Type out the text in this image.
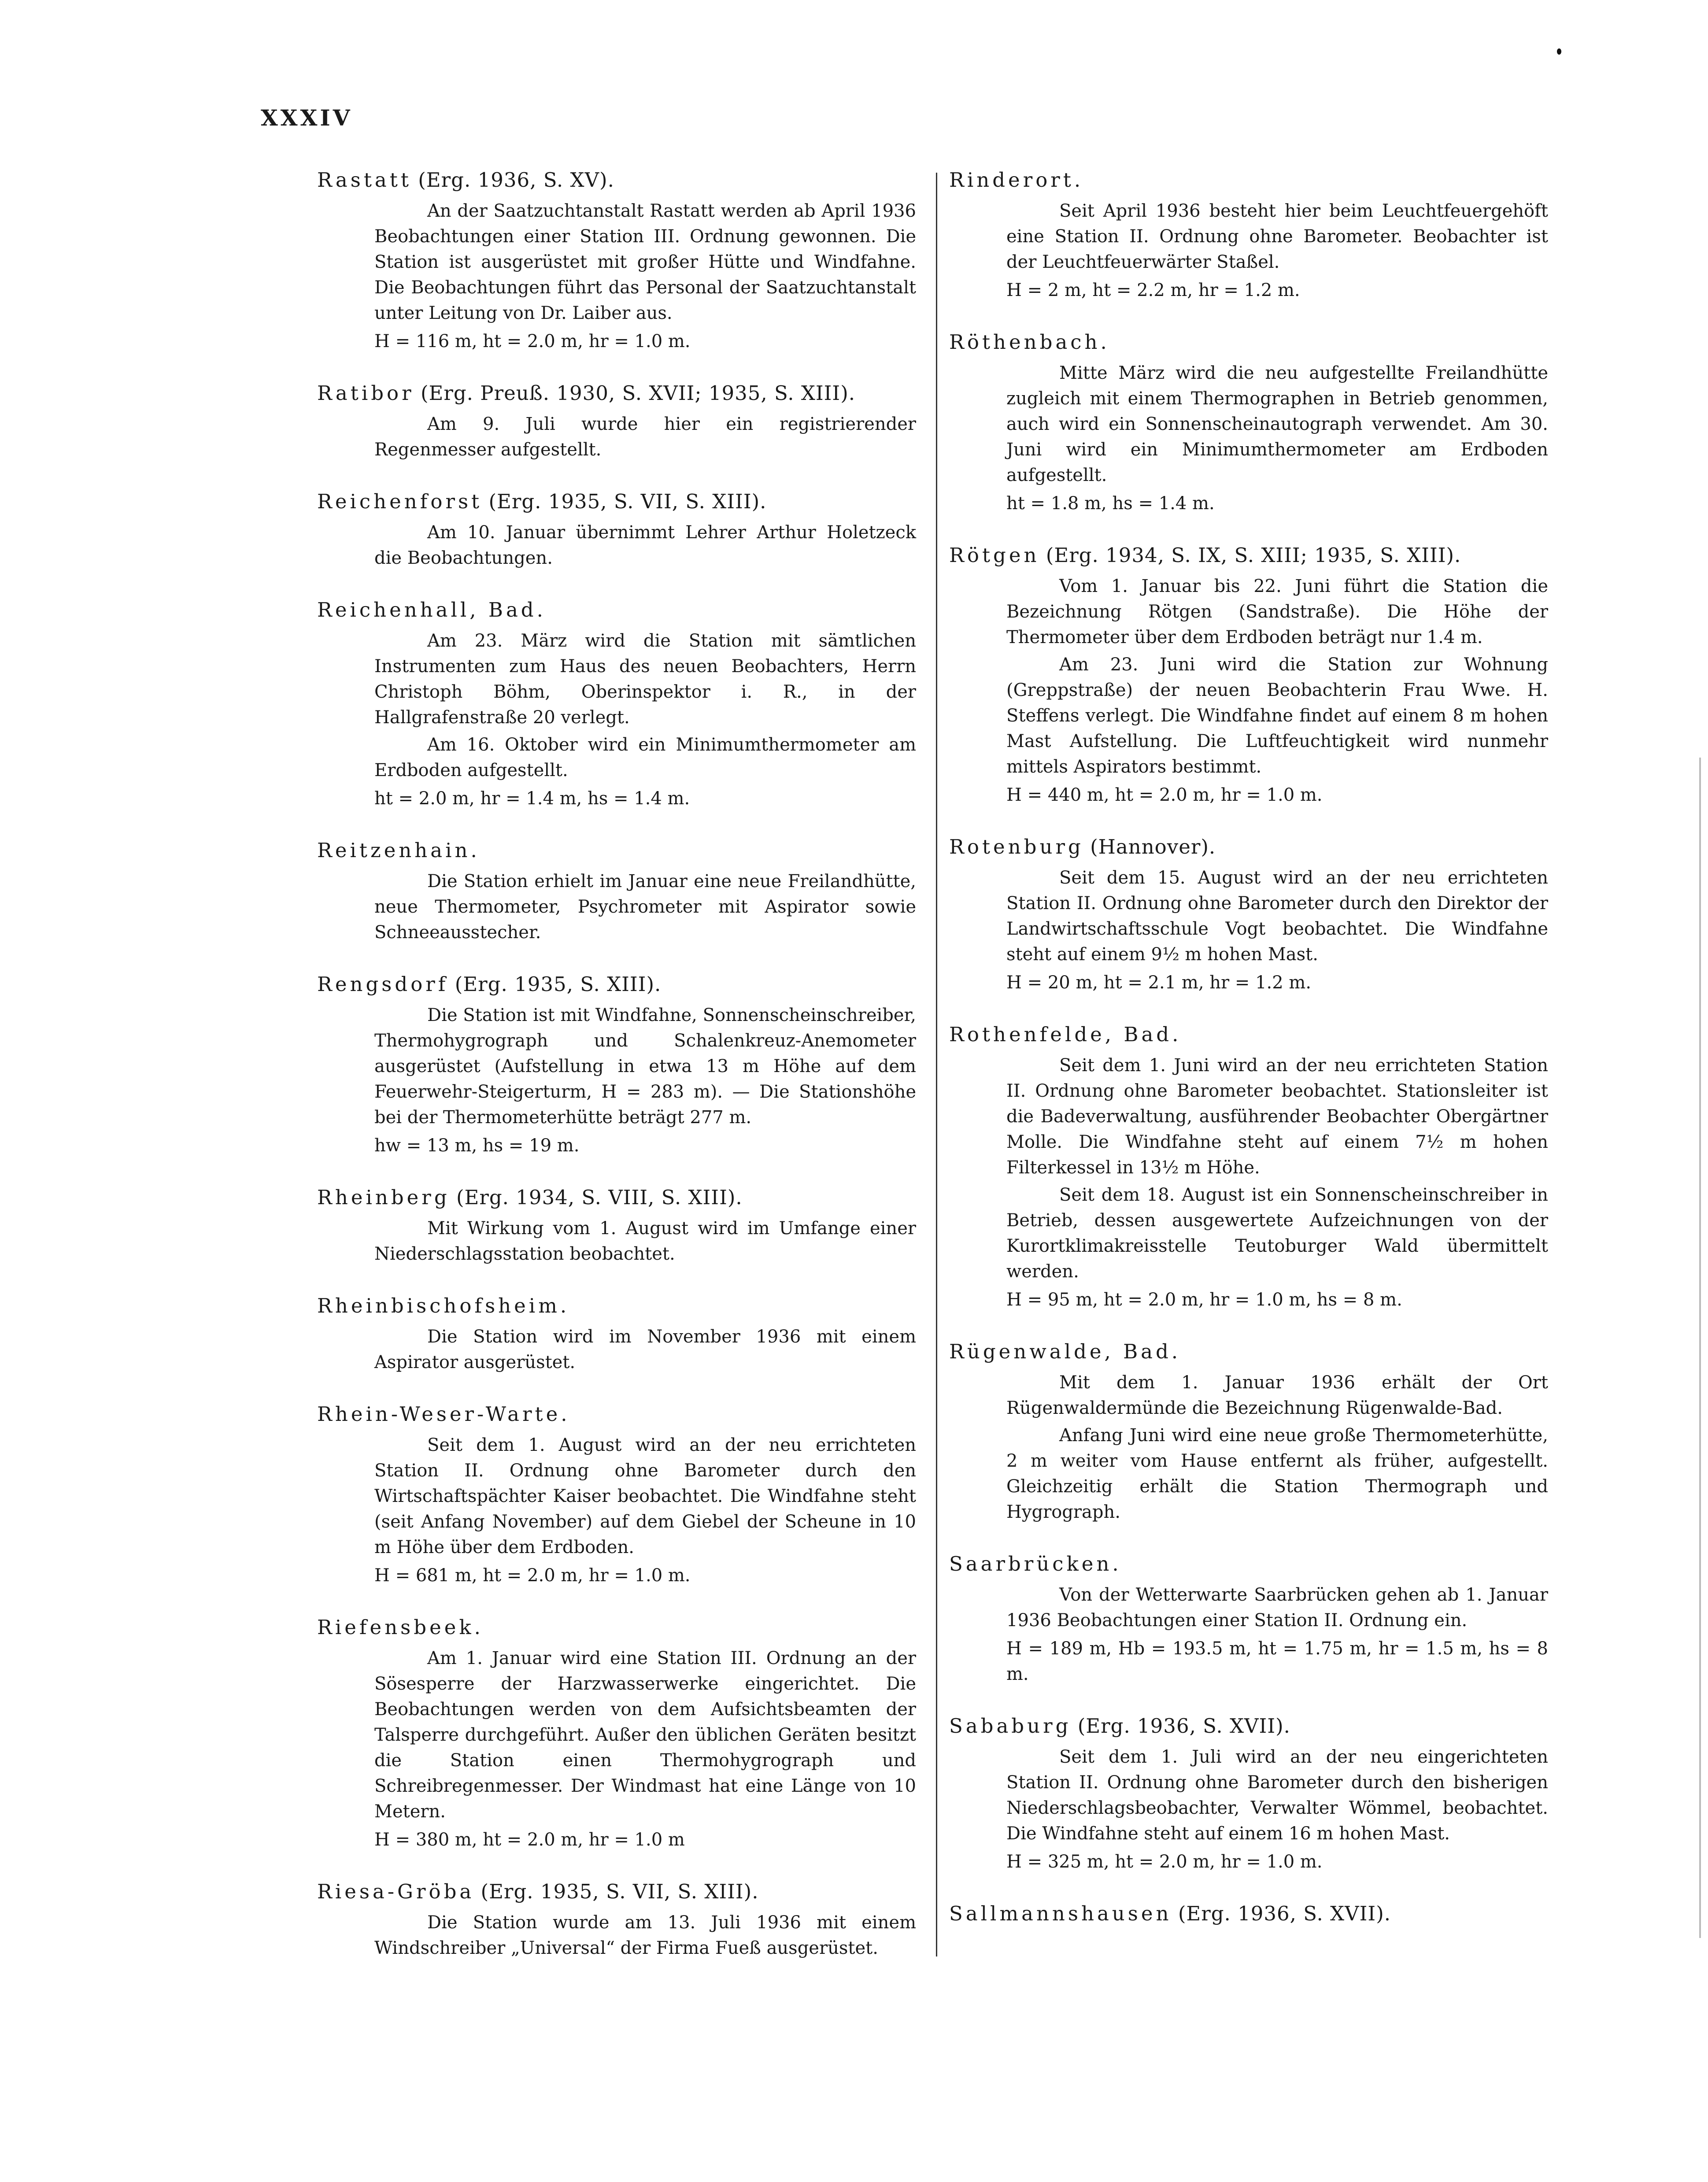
XXXIV
Rastatt (Erg. 1936, S. XV).

An der Saatzuchtanstalt Rastatt werden ab April 1936 Beobachtungen einer Station III. Ordnung gewonnen. Die Station ist ausgerüstet mit großer Hütte und Windfahne. Die Beobachtungen führt das Personal der Saatzuchtanstalt unter Leitung von Dr. Laiber aus.

H = 116 m, ht = 2.0 m, hr = 1.0 m.

Ratibor (Erg. Preuß. 1930, S. XVII; 1935, S. XIII).

Am 9. Juli wurde hier ein registrierender Regenmesser aufgestellt.

Reichenforst (Erg. 1935, S. VII, S. XIII).

Am 10. Januar übernimmt Lehrer Arthur Holetzeck die Beobachtungen.

Reichenhall, Bad.

Am 23. März wird die Station mit sämtlichen Instrumenten zum Haus des neuen Beobachters, Herrn Christoph Böhm, Oberinspektor i. R., in der Hallgrafenstraße 20 verlegt.

Am 16. Oktober wird ein Minimumthermometer am Erdboden aufgestellt.

ht = 2.0 m, hr = 1.4 m, hs = 1.4 m.

Reitzenhain.

Die Station erhielt im Januar eine neue Freilandhütte, neue Thermometer, Psychrometer mit Aspirator sowie Schneeausstecher.

Rengsdorf (Erg. 1935, S. XIII).

Die Station ist mit Windfahne, Sonnenscheinschreiber, Thermohygrograph und Schalenkreuz-Anemometer ausgerüstet (Aufstellung in etwa 13 m Höhe auf dem Feuerwehr-Steigerturm, H = 283 m). — Die Stationshöhe bei der Thermometerhütte beträgt 277 m.

hw = 13 m, hs = 19 m.

Rheinberg (Erg. 1934, S. VIII, S. XIII).

Mit Wirkung vom 1. August wird im Umfange einer Niederschlagsstation beobachtet.

Rheinbischofsheim.

Die Station wird im November 1936 mit einem Aspirator ausgerüstet.

Rhein-Weser-Warte.

Seit dem 1. August wird an der neu errichteten Station II. Ordnung ohne Barometer durch den Wirtschaftspächter Kaiser beobachtet. Die Windfahne steht (seit Anfang November) auf dem Giebel der Scheune in 10 m Höhe über dem Erdboden.

H = 681 m, ht = 2.0 m, hr = 1.0 m.

Riefensbeek.

Am 1. Januar wird eine Station III. Ordnung an der Sösesperre der Harzwasserwerke eingerichtet. Die Beobachtungen werden von dem Aufsichtsbeamten der Talsperre durchgeführt. Außer den üblichen Geräten besitzt die Station einen Thermohygrograph und Schreibregenmesser. Der Windmast hat eine Länge von 10 Metern.

H = 380 m, ht = 2.0 m, hr = 1.0 m

Riesa-Gröba (Erg. 1935, S. VII, S. XIII).

Die Station wurde am 13. Juli 1936 mit einem Windschreiber „Universal“ der Firma Fueß ausgerüstet.

Rinderort.

Seit April 1936 besteht hier beim Leuchtfeuergehöft eine Station II. Ordnung ohne Barometer. Beobachter ist der Leuchtfeuerwärter Staßel.

H = 2 m, ht = 2.2 m, hr = 1.2 m.

Röthenbach.

Mitte März wird die neu aufgestellte Freilandhütte zugleich mit einem Thermographen in Betrieb genommen, auch wird ein Sonnenscheinautograph verwendet. Am 30. Juni wird ein Minimumthermometer am Erdboden aufgestellt.

ht = 1.8 m, hs = 1.4 m.

Rötgen (Erg. 1934, S. IX, S. XIII; 1935, S. XIII).

Vom 1. Januar bis 22. Juni führt die Station die Bezeichnung Rötgen (Sandstraße). Die Höhe der Thermometer über dem Erdboden beträgt nur 1.4 m.

Am 23. Juni wird die Station zur Wohnung (Greppstraße) der neuen Beobachterin Frau Wwe. H. Steffens verlegt. Die Windfahne findet auf einem 8 m hohen Mast Aufstellung. Die Luftfeuchtigkeit wird nunmehr mittels Aspirators bestimmt.

H = 440 m, ht = 2.0 m, hr = 1.0 m.

Rotenburg (Hannover).

Seit dem 15. August wird an der neu errichteten Station II. Ordnung ohne Barometer durch den Direktor der Landwirtschaftsschule Vogt beobachtet. Die Windfahne steht auf einem 9½ m hohen Mast.

H = 20 m, ht = 2.1 m, hr = 1.2 m.

Rothenfelde, Bad.

Seit dem 1. Juni wird an der neu errichteten Station II. Ordnung ohne Barometer beobachtet. Stationsleiter ist die Badeverwaltung, ausführender Beobachter Obergärtner Molle. Die Windfahne steht auf einem 7½ m hohen Filterkessel in 13½ m Höhe.

Seit dem 18. August ist ein Sonnenscheinschreiber in Betrieb, dessen ausgewertete Aufzeichnungen von der Kurortklimakreisstelle Teutoburger Wald übermittelt werden.

H = 95 m, ht = 2.0 m, hr = 1.0 m, hs = 8 m.

Rügenwalde, Bad.

Mit dem 1. Januar 1936 erhält der Ort Rügenwaldermünde die Bezeichnung Rügenwalde-Bad.

Anfang Juni wird eine neue große Thermometerhütte, 2 m weiter vom Hause entfernt als früher, aufgestellt. Gleichzeitig erhält die Station Thermograph und Hygrograph.

Saarbrücken.

Von der Wetterwarte Saarbrücken gehen ab 1. Januar 1936 Beobachtungen einer Station II. Ordnung ein.

H = 189 m, Hb = 193.5 m, ht = 1.75 m, hr = 1.5 m, hs = 8 m.

Sababurg (Erg. 1936, S. XVII).

Seit dem 1. Juli wird an der neu eingerichteten Station II. Ordnung ohne Barometer durch den bisherigen Niederschlagsbeobachter, Verwalter Wömmel, beobachtet. Die Windfahne steht auf einem 16 m hohen Mast.

H = 325 m, ht = 2.0 m, hr = 1.0 m.

Sallmannshausen (Erg. 1936, S. XVII).
